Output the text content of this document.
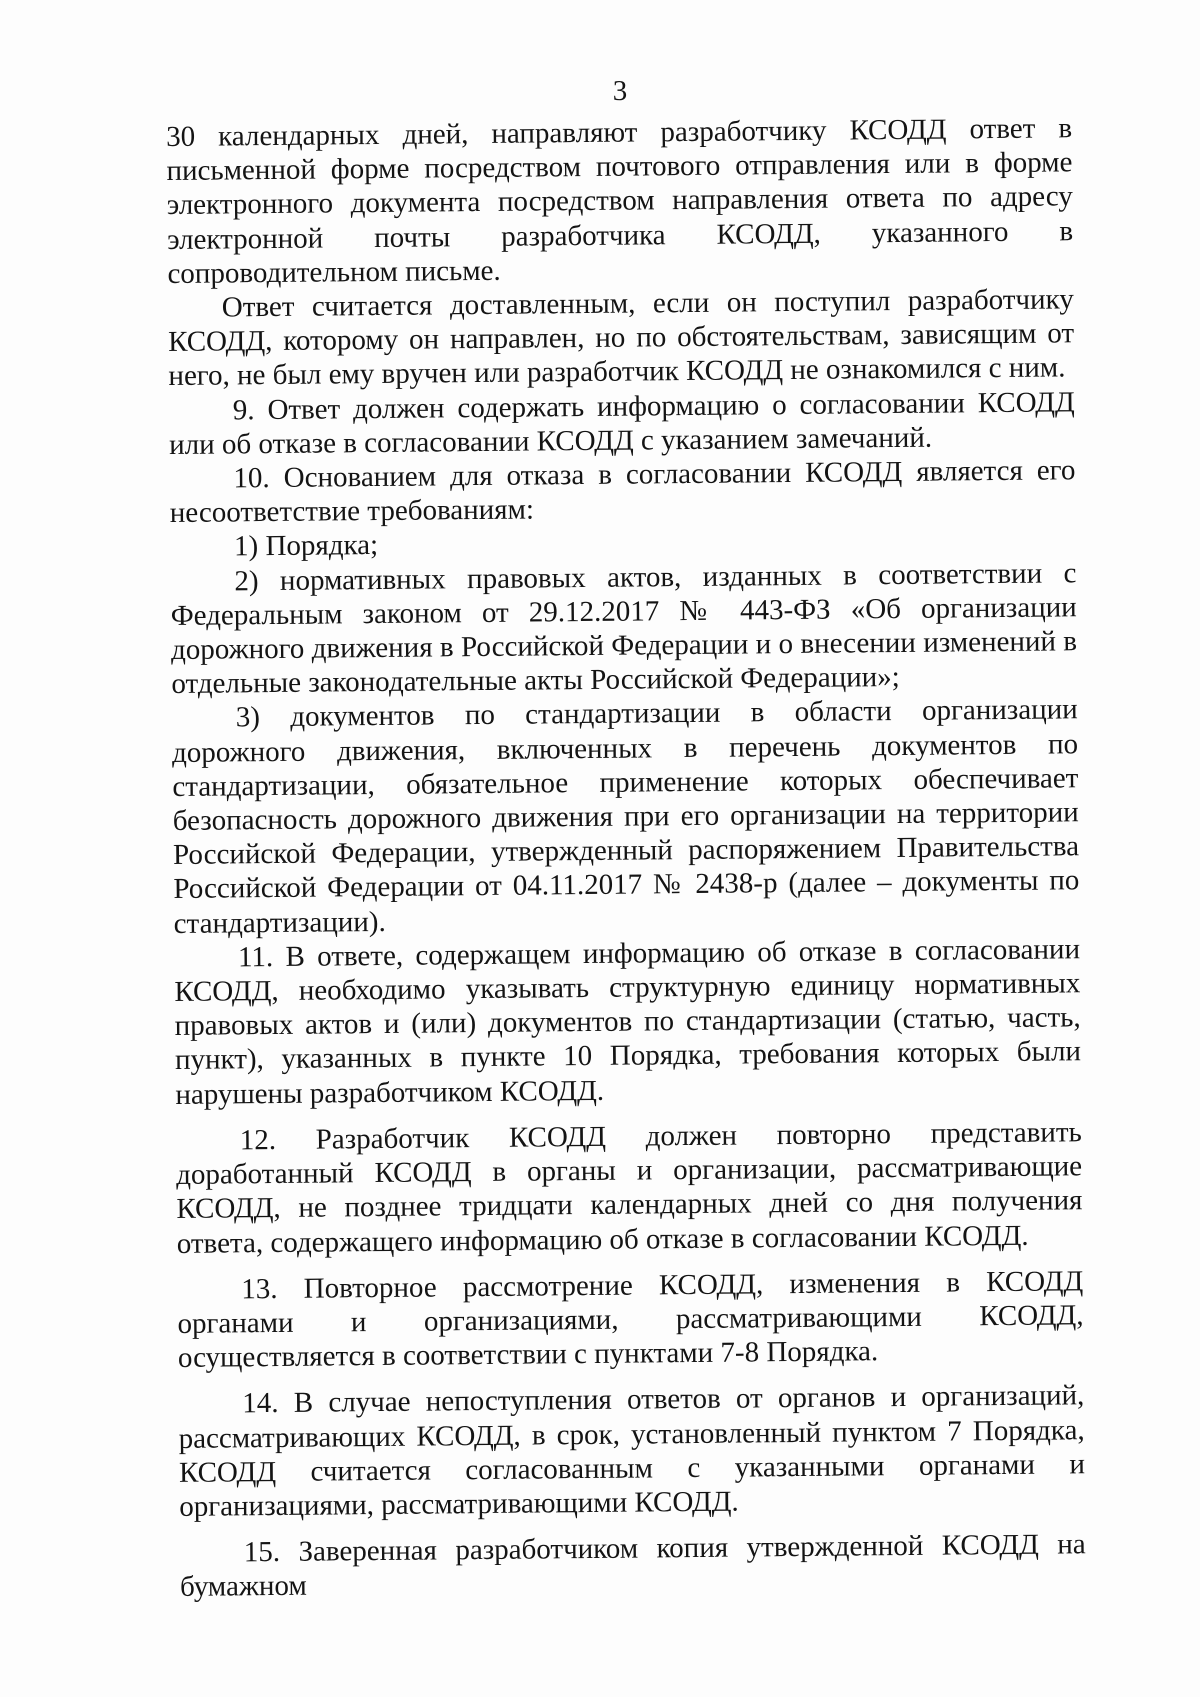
3

30 календарных дней, направляют разработчику КСОДД ответ в письменной форме посредством почтового отправления или в форме электронного документа посредством направления ответа по адресу электронной почты разработчика КСОДД, указанного в сопроводительном письме.

Ответ считается доставленным, если он поступил разработчику КСОДД, которому он направлен, но по обстоятельствам, зависящим от него, не был ему вручен или разработчик КСОДД не ознакомился с ним.

9. Ответ должен содержать информацию о согласовании КСОДД или об отказе в согласовании КСОДД с указанием замечаний.

10. Основанием для отказа в согласовании КСОДД является его несоответствие требованиям:

1) Порядка;

2) нормативных правовых актов, изданных в соответствии с Федеральным законом от 29.12.2017 № 443-ФЗ «Об организации дорожного движения в Российской Федерации и о внесении изменений в отдельные законодательные акты Российской Федерации»;

3) документов по стандартизации в области организации дорожного движения, включенных в перечень документов по стандартизации, обязательное применение которых обеспечивает безопасность дорожного движения при его организации на территории Российской Федерации, утвержденный распоряжением Правительства Российской Федерации от 04.11.2017 № 2438-р (далее – документы по стандартизации).

11. В ответе, содержащем информацию об отказе в согласовании КСОДД, необходимо указывать структурную единицу нормативных правовых актов и (или) документов по стандартизации (статью, часть, пункт), указанных в пункте 10 Порядка, требования которых были нарушены разработчиком КСОДД.

12. Разработчик КСОДД должен повторно представить доработанный КСОДД в органы и организации, рассматривающие КСОДД, не позднее тридцати календарных дней со дня получения ответа, содержащего информацию об отказе в согласовании КСОДД.

13. Повторное рассмотрение КСОДД, изменения в КСОДД органами и организациями, рассматривающими КСОДД, осуществляется в соответствии с пунктами 7-8 Порядка.

14. В случае непоступления ответов от органов и организаций, рассматривающих КСОДД, в срок, установленный пунктом 7 Порядка, КСОДД считается согласованным с указанными органами и организациями, рассматривающими КСОДД.

15. Заверенная разработчиком копия утвержденной КСОДД на бумажном
